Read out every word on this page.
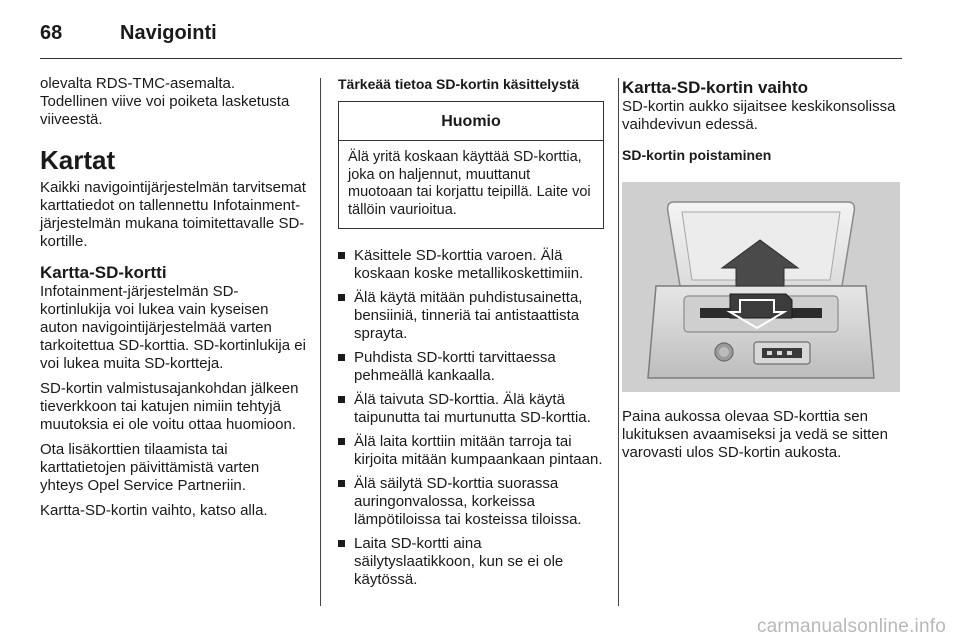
68	Navigointi

olevalta RDS-TMC-asemalta. Todellinen viive voi poiketa lasketusta viiveestä.

Kartat

Kaikki navigointijärjestelmän tarvitsemat karttatiedot on tallennettu Infotainment-järjestelmän mukana toimitettavalle SD-kortille.

Kartta-SD-kortti

Infotainment-järjestelmän SD-kortinlukija voi lukea vain kyseisen auton navigointijärjestelmää varten tarkoitettua SD-korttia. SD-kortinlukija ei voi lukea muita SD-kortteja.

SD-kortin valmistusajankohdan jälkeen tieverkkoon tai katujen nimiin tehtyjä muutoksia ei ole voitu ottaa huomioon.

Ota lisäkorttien tilaamista tai karttatietojen päivittämistä varten yhteys Opel Service Partneriin.

Kartta-SD-kortin vaihto, katso alla.

Tärkeää tietoa SD-kortin käsittelystä
Huomio
Älä yritä koskaan käyttää SD-korttia, joka on haljennut, muuttanut muotoaan tai korjattu teipillä. Laite voi tällöin vaurioitua.
Käsittele SD-korttia varoen. Älä koskaan koske metallikoskettimiin.
Älä käytä mitään puhdistusainetta, bensiiniä, tinneriä tai antistaattista sprayta.
Puhdista SD-kortti tarvittaessa pehmeällä kankaalla.
Älä taivuta SD-korttia. Älä käytä taipunutta tai murtunutta SD-korttia.
Älä laita korttiin mitään tarroja tai kirjoita mitään kumpaankaan pintaan.
Älä säilytä SD-korttia suorassa auringonvalossa, korkeissa lämpötiloissa tai kosteissa tiloissa.
Laita SD-kortti aina säilytyslaatikkoon, kun se ei ole käytössä.
Kartta-SD-kortin vaihto

SD-kortin aukko sijaitsee keskikonsolissa vaihdevivun edessä.

SD-kortin poistaminen

Paina aukossa olevaa SD-korttia sen lukituksen avaamiseksi ja vedä se sitten varovasti ulos SD-kortin aukosta.

carmanualsonline.info
